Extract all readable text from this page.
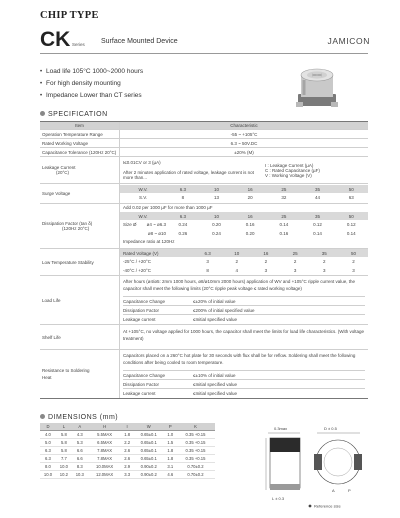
CHIP TYPE
CK Series Surface Mounted Device	JAMICON
• Load life 105°C 1000~2000 hours
• For high density mounting
• Impedance Lower than CT series
SPECIFICATION
Item	Characteristic
Operation Temperature Range	-55 ~ +105°C
Rated Working Voltage	6.3 ~ 50V.DC
Capacitance Tolerance (120Hz 20°C)	±20% (M)
Leakage Current
(20°C)
I≤0.01CV or 3 (µA)
After 2 minutes application of rated voltage, leakage current is not more than...
I : Leakage Current (µA)
C : Rated Capacitance (µF)
V : Working Voltage (V)
Surge Voltage
W.V.	6.3	10	16	25	35	50
S.V.	8	13	20	32	44	63
Dissipation Factor (tan δ)
(120Hz 20°C)
Add 0.02 per 1000 µF for more than 1000 µF
W.V.	6.3	10	16	25	35	50
Size Ø ø4 ~ ø6.3	0.24	0.20	0.16	0.14	0.12	0.12
ø8 ~ ø10	0.26	0.24	0.20	0.16	0.14	0.14
Impedance ratio at 120Hz
Low Temperature Stability
Rated Voltage (V)	6.3	10	16	25	35	50
-25°C / +20°C	3	2	2	2	2	2
-40°C / +20°C	8	4	3	3	3	3
Load Life
After hours (ø4/ø5: 2mm 1000 hours, ø8/ø10mm 2000 hours) application of WV and +105°C ripple current value, the capacitor shall meet the following limits (20°C ripple peak voltage ≤ rated working voltage)
Capacitance Change	≤±20% of initial value
Dissipation Factor	≤200% of initial specified value
Leakage current	≤Initial specified value
Shelf Life
At +105°C, no voltage applied for 1000 hours, the capacitor shall meet the limits for load life characteristics. (With voltage treatment)
Resistance to Soldering Heat
Capacitors placed on a 260°C hot plate for 30 seconds with flux shall be for reflow. Soldering shall meet the following conditions after being cooled to room temperature.
Capacitance Change	≤±10% of initial value
Dissipation Factor	≤Initial specified value
Leakage current	≤Initial specified value
DIMENSIONS (mm)
D	L	A	H	I	W	P	K
4.0	5.8	4.3	5.5MAX	1.8	0.65±0.1	1.0	0.35 +0.15
5.0	5.8	5.3	6.5MAX	2.2	0.65±0.1	1.5	0.35 +0.15
6.3	5.8	6.6	7.8MAX	2.6	0.65±0.1	1.8	0.35 +0.15
6.3	7.7	6.6	7.8MAX	2.6	0.65±0.1	1.8	0.35 +0.15
8.0	10.0	8.3	10.0MAX	2.9	0.90±0.2	3.1	0.70±0.2
10.0	10.2	10.3	12.0MAX	3.3	0.90±0.2	4.6	0.70±0.2
0.3max	D ± 0.5
L ± 0.3
A	P
Reference size
